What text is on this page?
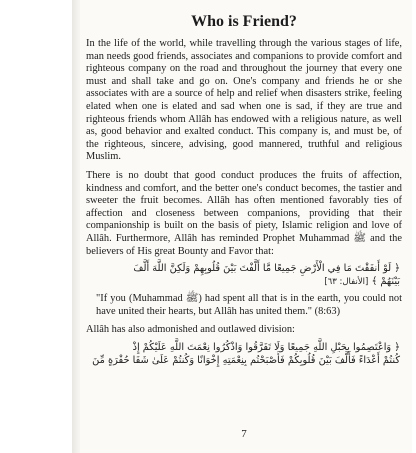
Who is Friend?
In the life of the world, while travelling through the various stages of life, man needs good friends, associates and companions to provide comfort and righteous company on the road and throughout the journey that every one must and shall take and go on. One's company and friends he or she associates with are a source of help and relief when disasters strike, feeling elated when one is elated and sad when one is sad, if they are true and righteous friends whom Allâh has endowed with a religious nature, as well as, good behavior and exalted conduct. This company is, and must be, of the righteous, sincere, advising, good mannered, truthful and religious Muslim.
There is no doubt that good conduct produces the fruits of affection, kindness and comfort, and the better one's conduct becomes, the tastier and sweeter the fruit becomes. Allâh has often mentioned favorably ties of affection and closeness between companions, providing that their companionship is built on the basis of piety, Islamic religion and love of Allâh. Furthermore, Allâh has reminded Prophet Muhammad ﷺ and the believers of His great Bounty and Favor that:
﴿ لَوْ أَنفَقْتَ مَا فِي الْأَرْضِ جَمِيعًا مَّا أَلَّفْتَ بَيْنَ قُلُوبِهِمْ وَلَكِنَّ اللَّهَ أَلَّفَ
بَيْنَهُمْ ﴾ [الأنفال: ٦٣]
"If you (Muhammad ﷺ) had spent all that is in the earth, you could not have united their hearts, but Allâh has united them." (8:63)
Allâh has also admonished and outlawed division:
﴿ وَاعْتَصِمُوا بِحَبْلِ اللَّهِ جَمِيعًا وَلَا تَفَرَّقُوا وَاذْكُرُوا نِعْمَتَ اللَّهِ عَلَيْكُمْ إِذْ
كُنتُمْ أَعْدَاءً فَأَلَّفَ بَيْنَ قُلُوبِكُمْ فَأَصْبَحْتُم بِنِعْمَتِهِ إِخْوَانًا وَكُنتُمْ عَلَىٰ شَفَا حُفْرَةٍ مِّنَ
7
